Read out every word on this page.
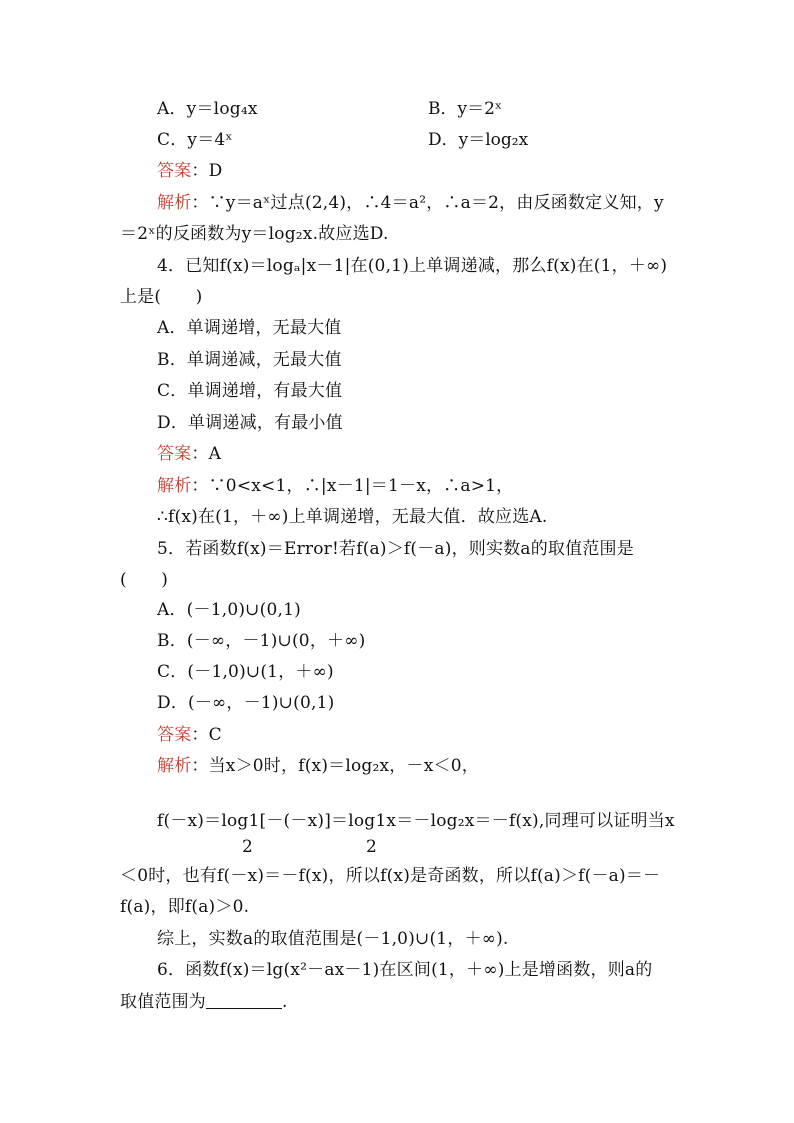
A．y＝log₄x	B．y＝2ˣ
C．y＝4ˣ	D．y＝log₂x
答案：D
解析：∵y＝aˣ过点(2,4)，∴4＝a²，∴a＝2，由反函数定义知，y
＝2ˣ的反函数为y＝log₂x.故应选D.
4．已知f(x)＝logₐ|x－1|在(0,1)上单调递减，那么f(x)在(1，＋∞)
上是(　　)
A．单调递增，无最大值
B．单调递减，无最大值
C．单调递增，有最大值
D．单调递减，有最小值
答案：A
解析：∵0<x<1，∴|x－1|＝1－x，∴a>1，
∴f(x)在(1，＋∞)上单调递增，无最大值．故应选A.
5．若函数f(x)＝Error!若f(a)＞f(－a)，则实数a的取值范围是
(　　)
A．(－1,0)∪(0,1)
B．(－∞，－1)∪(0，＋∞)
C．(－1,0)∪(1，＋∞)
D．(－∞，－1)∪(0,1)
答案：C
解析：当x＞0时，f(x)＝log₂x，－x＜0，
f(－x)＝log1[－(－x)]＝log1x＝－log₂x＝－f(x),同理可以证明当x
2	2
＜0时，也有f(－x)＝－f(x)，所以f(x)是奇函数，所以f(a)＞f(－a)＝－
f(a)，即f(a)＞0.
综上，实数a的取值范围是(－1,0)∪(1，＋∞).
6．函数f(x)＝lg(x²－ax－1)在区间(1，＋∞)上是增函数，则a的
取值范围为	.
